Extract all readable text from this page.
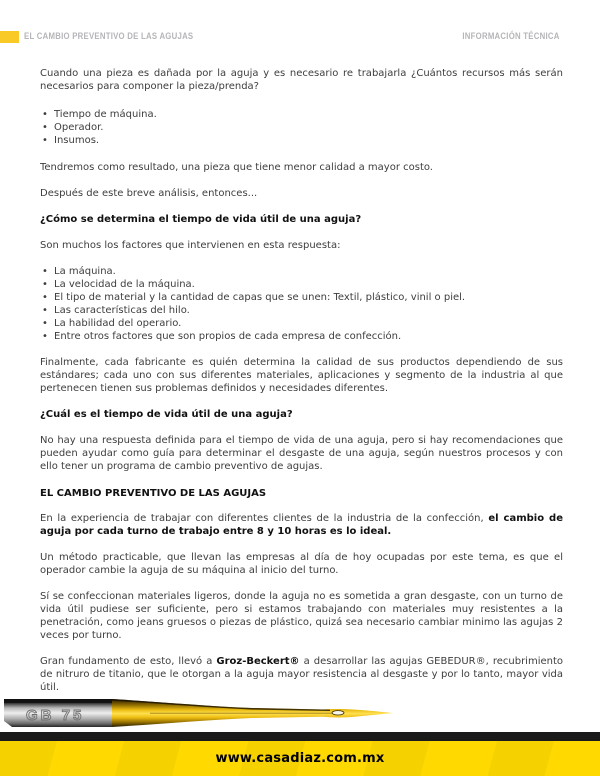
EL CAMBIO PREVENTIVO DE LAS AGUJAS	INFORMACIÓN TÉCNICA

Cuando una pieza es dañada por la aguja y es necesario re trabajarla ¿Cuántos recursos más serán necesarios para componer la pieza/prenda?

• Tiempo de máquina.
• Operador.
• Insumos.

Tendremos como resultado, una pieza que tiene menor calidad a mayor costo.

Después de este breve análisis, entonces...

¿Cómo se determina el tiempo de vida útil de una aguja?

Son muchos los factores que intervienen en esta respuesta:

• La máquina.
• La velocidad de la máquina.
• El tipo de material y la cantidad de capas que se unen: Textil, plástico, vinil o piel.
• Las características del hilo.
• La habilidad del operario.
• Entre otros factores que son propios de cada empresa de confección.

Finalmente, cada fabricante es quién determina la calidad de sus productos dependiendo de sus estándares; cada uno con sus diferentes materiales, aplicaciones y segmento de la industria al que pertenecen tienen sus problemas definidos y necesidades diferentes.

¿Cuál es el tiempo de vida útil de una aguja?

No hay una respuesta definida para el tiempo de vida de una aguja, pero si hay recomendaciones que pueden ayudar como guía para determinar el desgaste de una aguja, según nuestros procesos y con ello tener un programa de cambio preventivo de agujas.

EL CAMBIO PREVENTIVO DE LAS AGUJAS

En la experiencia de trabajar con diferentes clientes de la industria de la confección, el cambio de aguja por cada turno de trabajo entre 8 y 10 horas es lo ideal.

Un método practicable, que llevan las empresas al día de hoy ocupadas por este tema, es que el operador cambie la aguja de su máquina al inicio del turno.

Sí se confeccionan materiales ligeros, donde la aguja no es sometida a gran desgaste, con un turno de vida útil pudiese ser suficiente, pero si estamos trabajando con materiales muy resistentes a la penetración, como jeans gruesos o piezas de plástico, quizá sea necesario cambiar minimo las agujas 2 veces por turno.

Gran fundamento de esto, llevó a Groz-Beckert® a desarrollar las agujas GEBEDUR®, recubrimiento de nitruro de titanio, que le otorgan a la aguja mayor resistencia al desgaste y por lo tanto, mayor vida útil.

GB 75
www.casadiaz.com.mx
